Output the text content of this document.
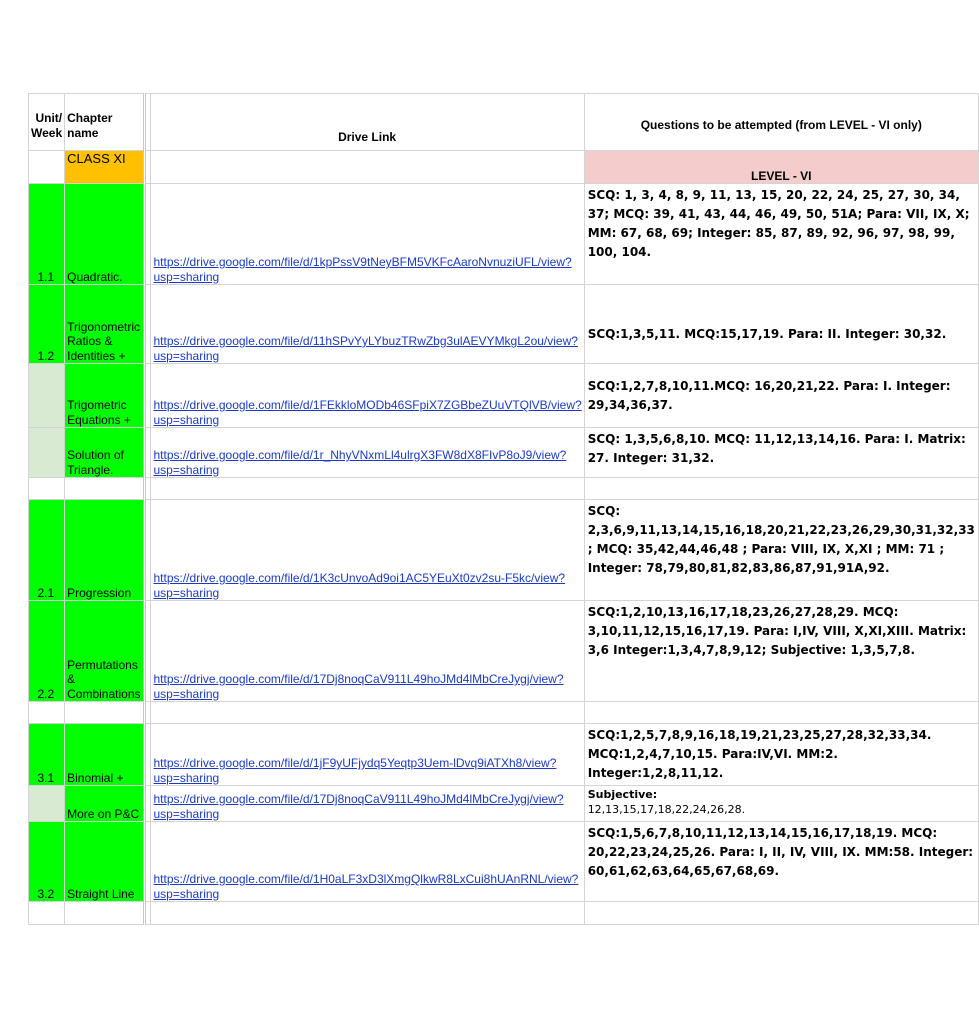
Unit/ Week	Chapter name		Drive Link	Questions to be attempted (from LEVEL - VI only)
	CLASS XI			LEVEL - VI
1.1	Quadratic.		https://drive.google.com/file/d/1kpPssV9tNeyBFM5VKFcAaroNvnuziUFL/view?usp=sharing	SCQ: 1, 3, 4, 8, 9, 11, 13, 15, 20, 22, 24, 25, 27, 30, 34, 37; MCQ: 39, 41, 43, 44, 46, 49, 50, 51A; Para: VII, IX, X; MM: 67, 68, 69; Integer: 85, 87, 89, 92, 96, 97, 98, 99, 100, 104.
1.2	Trigonometric Ratios & Identities +		https://drive.google.com/file/d/11hSPvYyLYbuzTRwZbg3ulAEVYMkgL2ou/view?usp=sharing	SCQ:1,3,5,11. MCQ:15,17,19. Para: II. Integer: 30,32.
	Trigometric Equations +		https://drive.google.com/file/d/1FEkkloMODb46SFpiX7ZGBbeZUuVTQlVB/view?usp=sharing	SCQ:1,2,7,8,10,11.MCQ: 16,20,21,22. Para: I. Integer: 29,34,36,37.
	Solution of Triangle.		https://drive.google.com/file/d/1r_NhyVNxmLl4ulrgX3FW8dX8FIvP8oJ9/view?usp=sharing	SCQ: 1,3,5,6,8,10. MCQ: 11,12,13,14,16. Para: I. Matrix: 27. Integer: 31,32.

2.1	Progression		https://drive.google.com/file/d/1K3cUnvoAd9oi1AC5YEuXt0zv2su-F5kc/view?usp=sharing	SCQ: 2,3,6,9,11,13,14,15,16,18,20,21,22,23,26,29,30,31,32,33 ; MCQ: 35,42,44,46,48 ; Para: VIII, IX, X,XI ; MM: 71 ; Integer: 78,79,80,81,82,83,86,87,91,91A,92.
2.2	Permutations & Combinations		https://drive.google.com/file/d/17Dj8noqCaV911L49hoJMd4lMbCreJygj/view?usp=sharing	SCQ:1,2,10,13,16,17,18,23,26,27,28,29. MCQ: 3,10,11,12,15,16,17,19. Para: I,IV, VIII, X,XI,XIII. Matrix: 3,6 Integer:1,3,4,7,8,9,12; Subjective: 1,3,5,7,8.

3.1	Binomial +		https://drive.google.com/file/d/1jF9yUFjydq5Yeqtp3Uem-lDvq9iATXh8/view?usp=sharing	SCQ:1,2,5,7,8,9,16,18,19,21,23,25,27,28,32,33,34. MCQ:1,2,4,7,10,15. Para:IV,VI. MM:2. Integer:1,2,8,11,12.
	More on P&C		https://drive.google.com/file/d/17Dj8noqCaV911L49hoJMd4lMbCreJygj/view?usp=sharing	Subjective:
12,13,15,17,18,22,24,26,28.

3.2	Straight Line		https://drive.google.com/file/d/1H0aLF3xD3lXmgQlkwR8LxCui8hUAnRNL/view?usp=sharing	SCQ:1,5,6,7,8,10,11,12,13,14,15,16,17,18,19. MCQ: 20,22,23,24,25,26. Para: I, II, IV, VIII, IX. MM:58. Integer: 60,61,62,63,64,65,67,68,69.
